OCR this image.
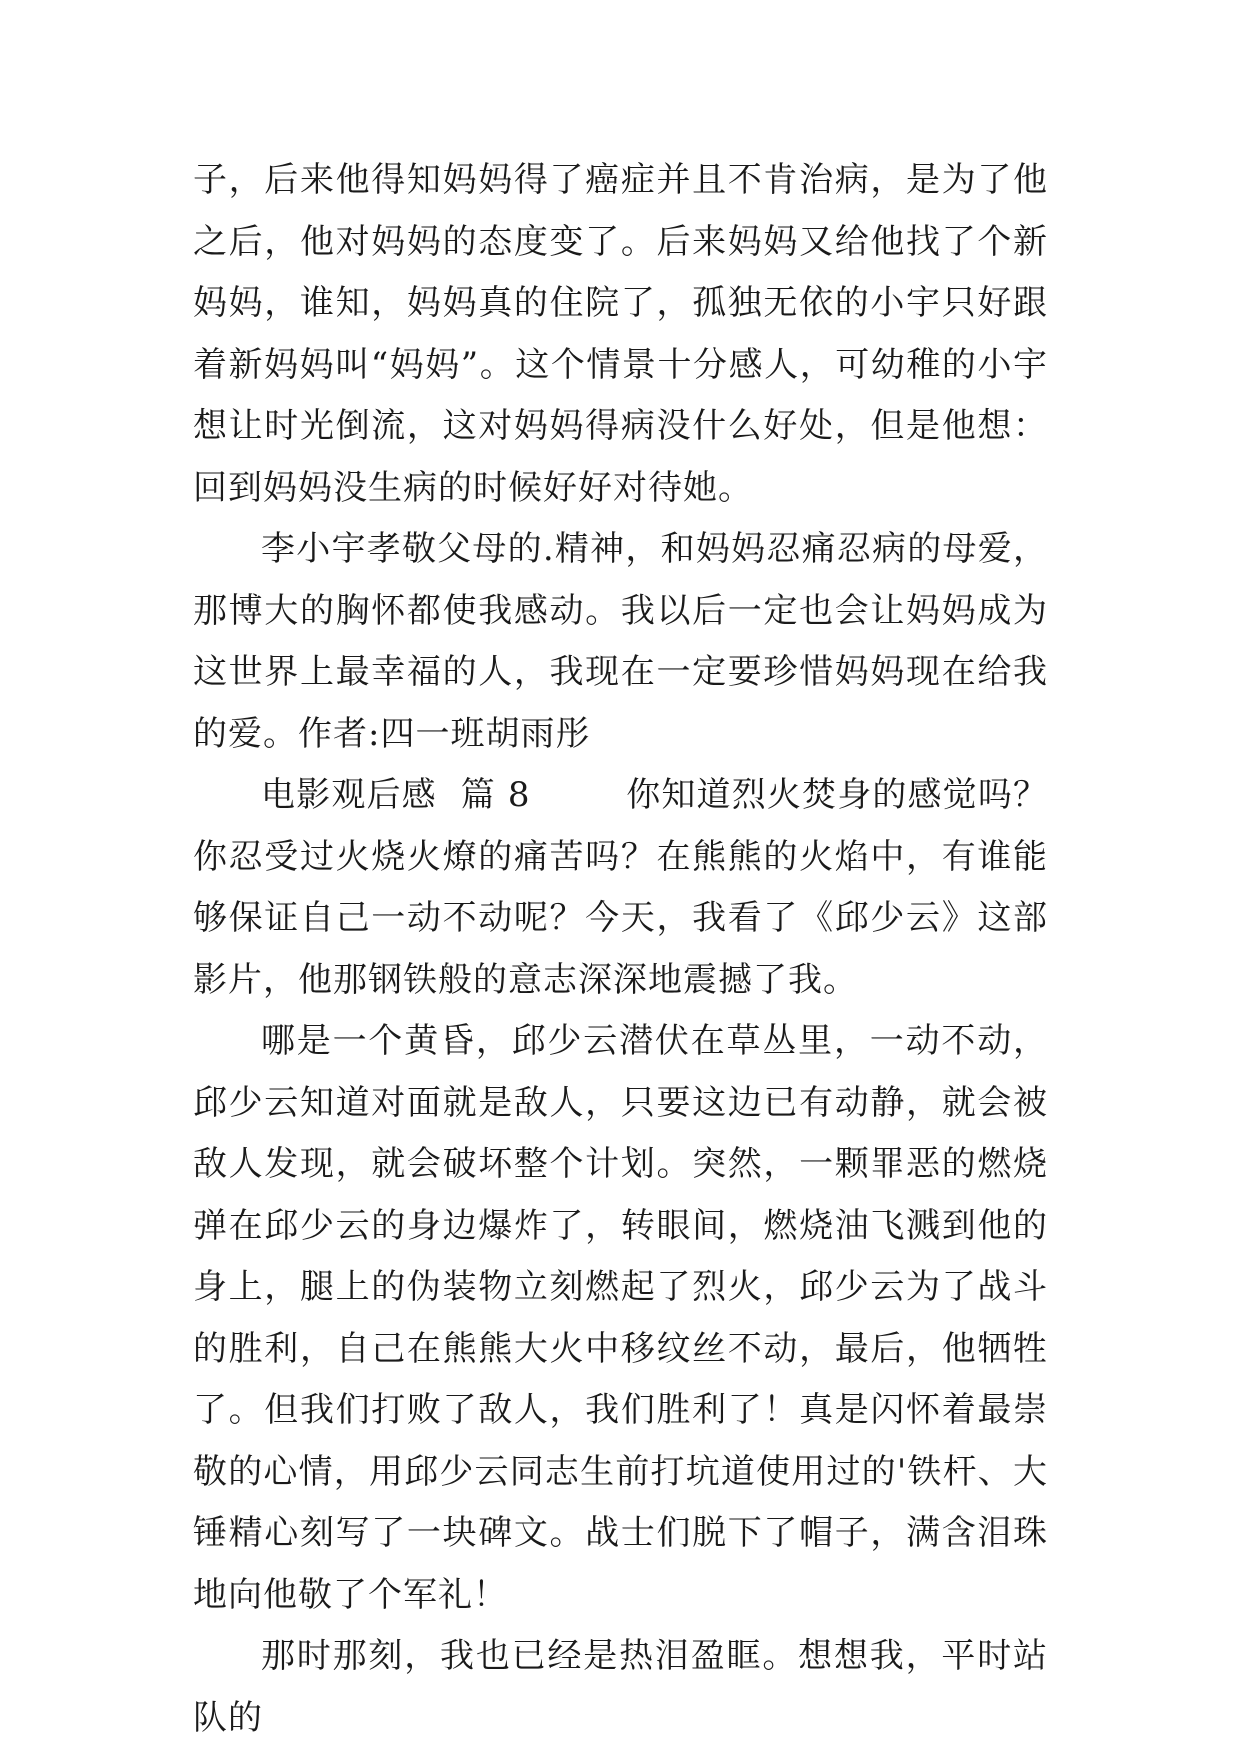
子，后来他得知妈妈得了癌症并且不肯治病，是为了他之后，他对妈妈的态度变了。后来妈妈又给他找了个新妈妈，谁知，妈妈真的住院了，孤独无依的小宇只好跟着新妈妈叫“妈妈”。这个情景十分感人，可幼稚的小宇想让时光倒流，这对妈妈得病没什么好处，但是他想：回到妈妈没生病的时候好好对待她。

李小宇孝敬父母的.精神，和妈妈忍痛忍病的母爱，那博大的胸怀都使我感动。我以后一定也会让妈妈成为这世界上最幸福的人，我现在一定要珍惜妈妈现在给我的爱。作者:四一班胡雨彤

电影观后感  篇 8        你知道烈火焚身的感觉吗？你忍受过火烧火燎的痛苦吗？在熊熊的火焰中，有谁能够保证自己一动不动呢？今天，我看了《邱少云》这部影片，他那钢铁般的意志深深地震撼了我。

哪是一个黄昏，邱少云潜伏在草丛里，一动不动，邱少云知道对面就是敌人，只要这边已有动静，就会被敌人发现，就会破坏整个计划。突然，一颗罪恶的燃烧弹在邱少云的身边爆炸了，转眼间，燃烧油飞溅到他的身上，腿上的伪装物立刻燃起了烈火，邱少云为了战斗的胜利，自己在熊熊大火中移纹丝不动，最后，他牺牲了。但我们打败了敌人，我们胜利了！真是闪怀着最崇敬的心情，用邱少云同志生前打坑道使用过的'铁杆、大锤精心刻写了一块碑文。战士们脱下了帽子，满含泪珠地向他敬了个军礼！

那时那刻，我也已经是热泪盈眶。想想我，平时站队的
